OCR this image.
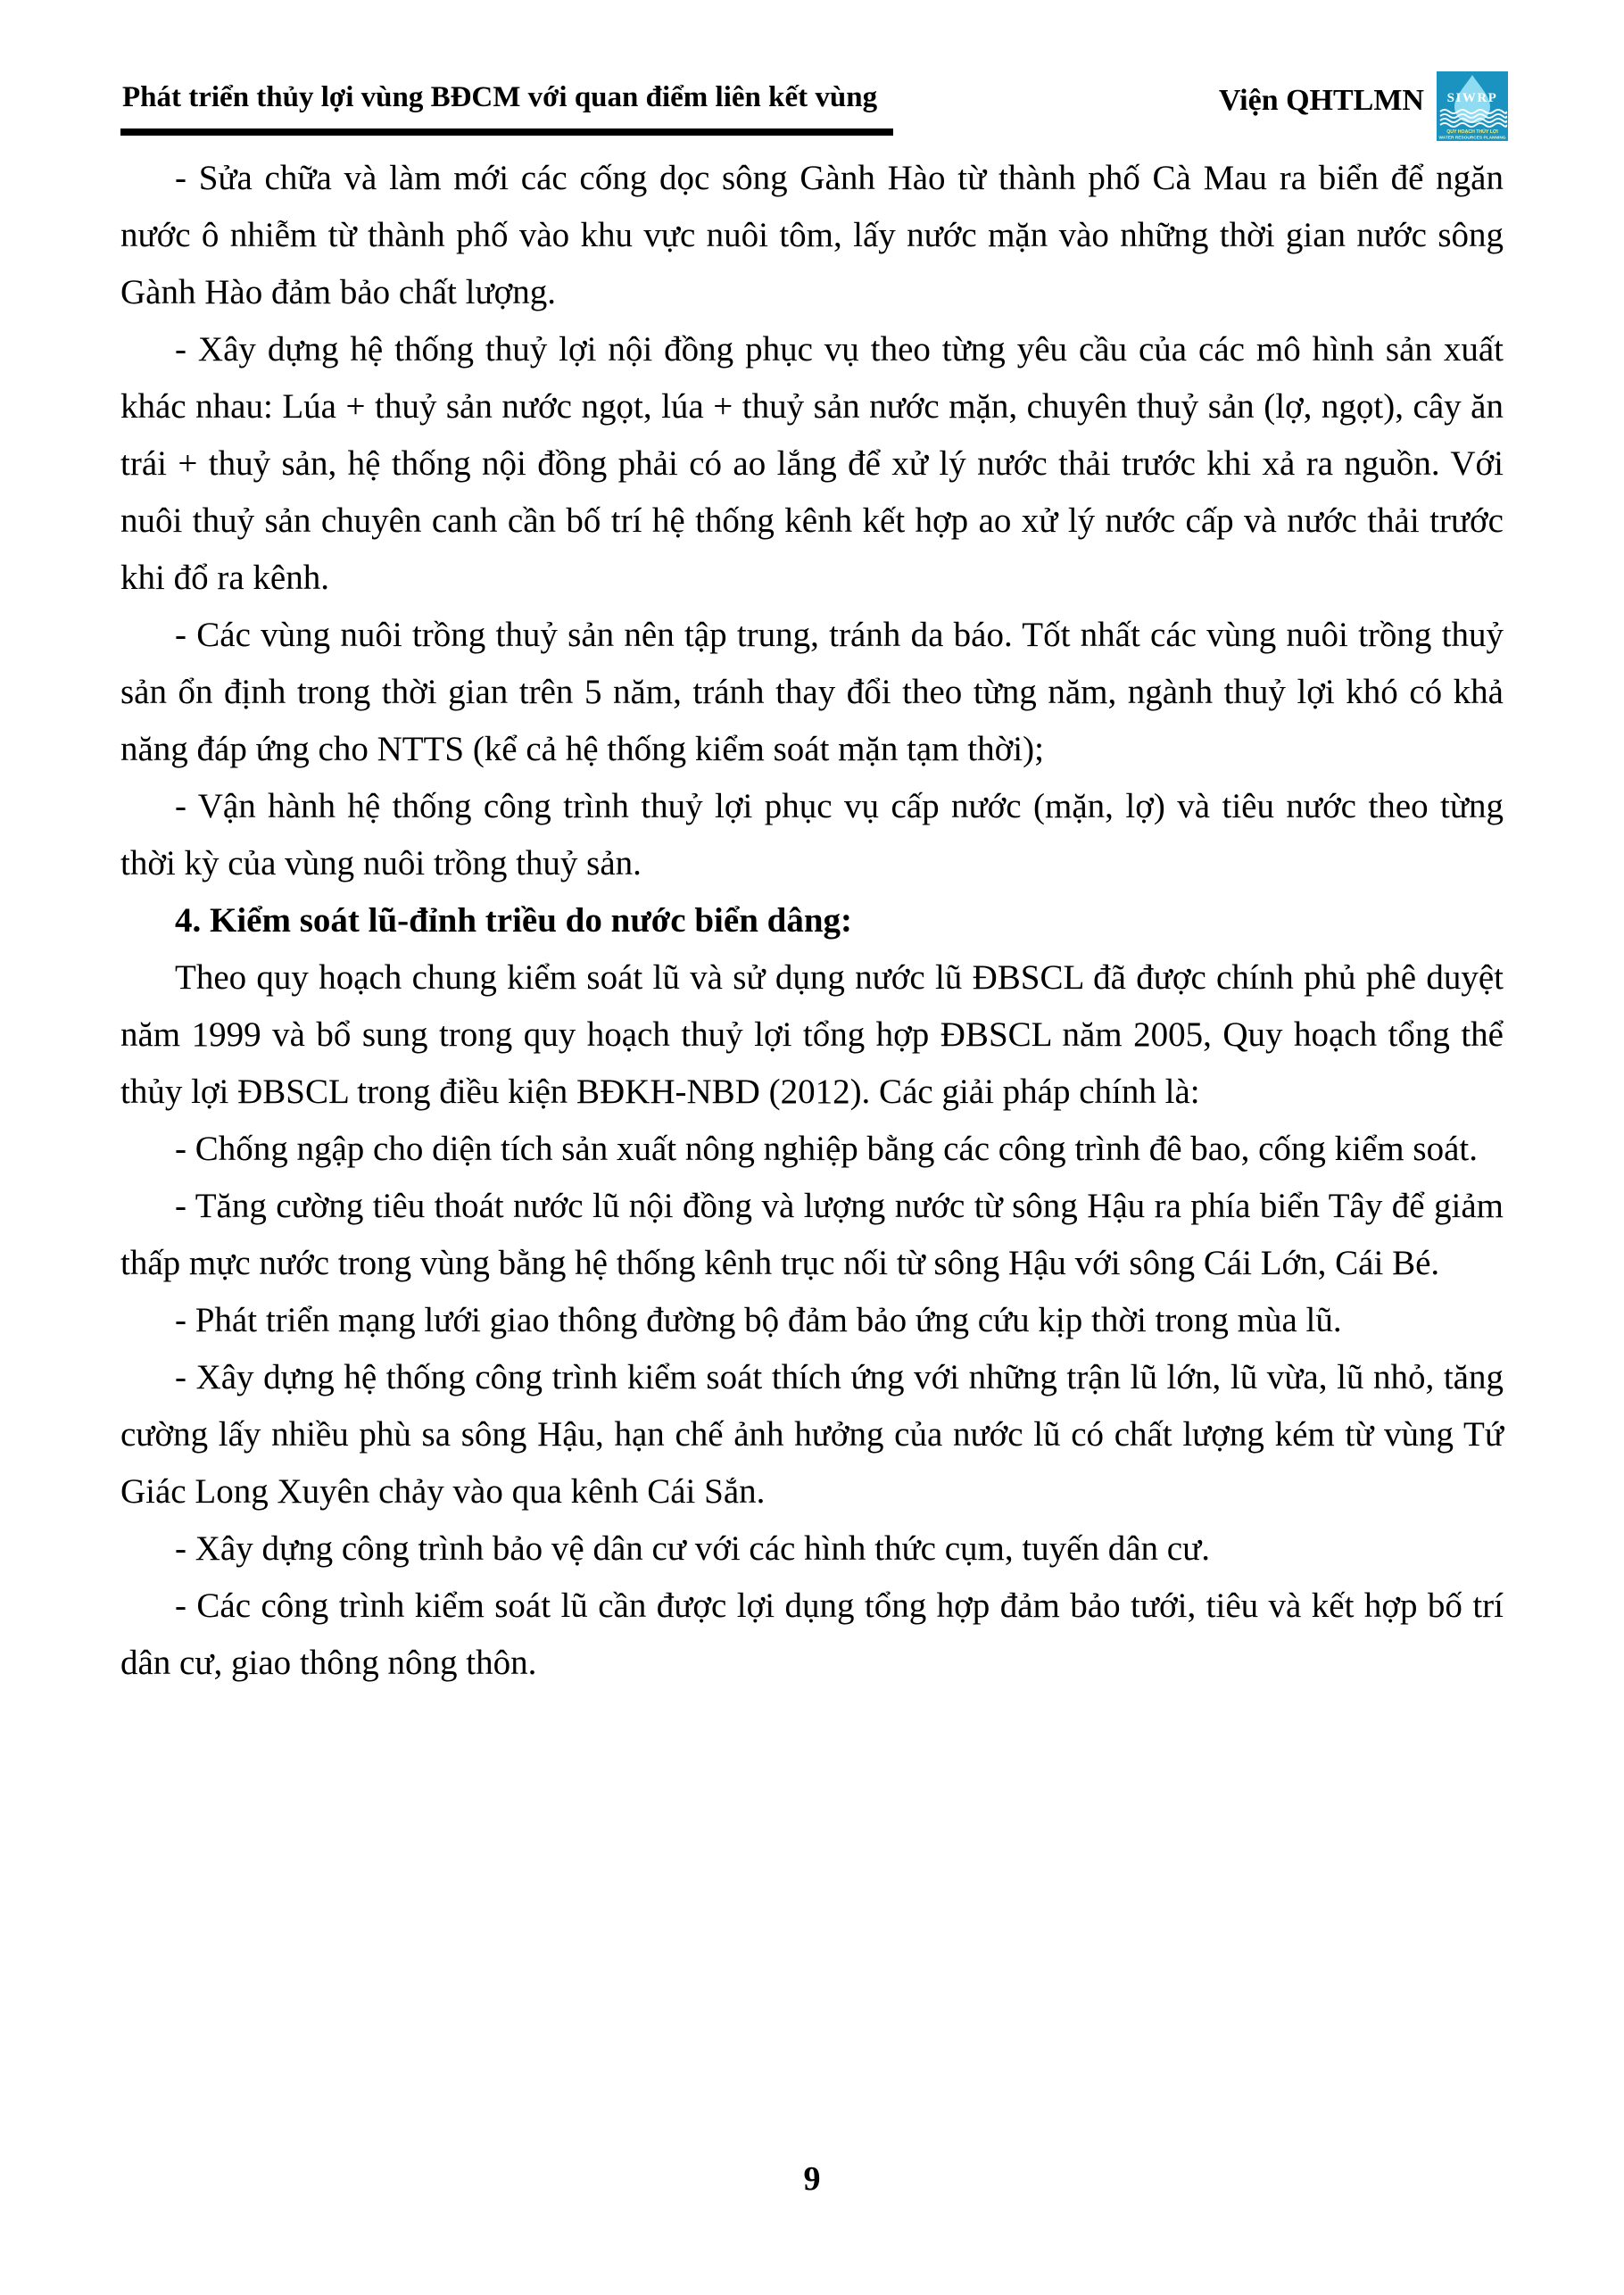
Phát triển thủy lợi vùng BĐCM với quan điểm liên kết vùng	Viện QHTLMN SIWRP
QUY HOẠCH THỦY LỢI
WATER RESOURCES PLANNING

- Sửa chữa và làm mới các cống dọc sông Gành Hào từ thành phố Cà Mau ra biển để ngăn nước ô nhiễm từ thành phố vào khu vực nuôi tôm, lấy nước mặn vào những thời gian nước sông Gành Hào đảm bảo chất lượng.

- Xây dựng hệ thống thuỷ lợi nội đồng phục vụ theo từng yêu cầu của các mô hình sản xuất khác nhau: Lúa + thuỷ sản nước ngọt, lúa + thuỷ sản nước mặn, chuyên thuỷ sản (lợ, ngọt), cây ăn trái + thuỷ sản, hệ thống nội đồng phải có ao lắng để xử lý nước thải trước khi xả ra nguồn. Với nuôi thuỷ sản chuyên canh cần bố trí hệ thống kênh kết hợp ao xử lý nước cấp và nước thải trước khi đổ ra kênh.

- Các vùng nuôi trồng thuỷ sản nên tập trung, tránh da báo. Tốt nhất các vùng nuôi trồng thuỷ sản ổn định trong thời gian trên 5 năm, tránh thay đổi theo từng năm, ngành thuỷ lợi khó có khả năng đáp ứng cho NTTS (kể cả hệ thống kiểm soát mặn tạm thời);

- Vận hành hệ thống công trình thuỷ lợi phục vụ cấp nước (mặn, lợ) và tiêu nước theo từng thời kỳ của vùng nuôi trồng thuỷ sản.

4. Kiểm soát lũ-đỉnh triều do nước biển dâng:

Theo quy hoạch chung kiểm soát lũ và sử dụng nước lũ ĐBSCL đã được chính phủ phê duyệt năm 1999 và bổ sung trong quy hoạch thuỷ lợi tổng hợp ĐBSCL năm 2005, Quy hoạch tổng thể thủy lợi ĐBSCL trong điều kiện BĐKH-NBD (2012). Các giải pháp chính là:

- Chống ngập cho diện tích sản xuất nông nghiệp bằng các công trình đê bao, cống kiểm soát.

- Tăng cường tiêu thoát nước lũ nội đồng và lượng nước từ sông Hậu ra phía biển Tây để giảm thấp mực nước trong vùng bằng hệ thống kênh trục nối từ sông Hậu với sông Cái Lớn, Cái Bé.

- Phát triển mạng lưới giao thông đường bộ đảm bảo ứng cứu kịp thời trong mùa lũ.

- Xây dựng hệ thống công trình kiểm soát thích ứng với những trận lũ lớn, lũ vừa, lũ nhỏ, tăng cường lấy nhiều phù sa sông Hậu, hạn chế ảnh hưởng của nước lũ có chất lượng kém từ vùng Tứ Giác Long Xuyên chảy vào qua kênh Cái Sắn.

- Xây dựng công trình bảo vệ dân cư với các hình thức cụm, tuyến dân cư.

- Các công trình kiểm soát lũ cần được lợi dụng tổng hợp đảm bảo tưới, tiêu và kết hợp bố trí dân cư, giao thông nông thôn.

9
